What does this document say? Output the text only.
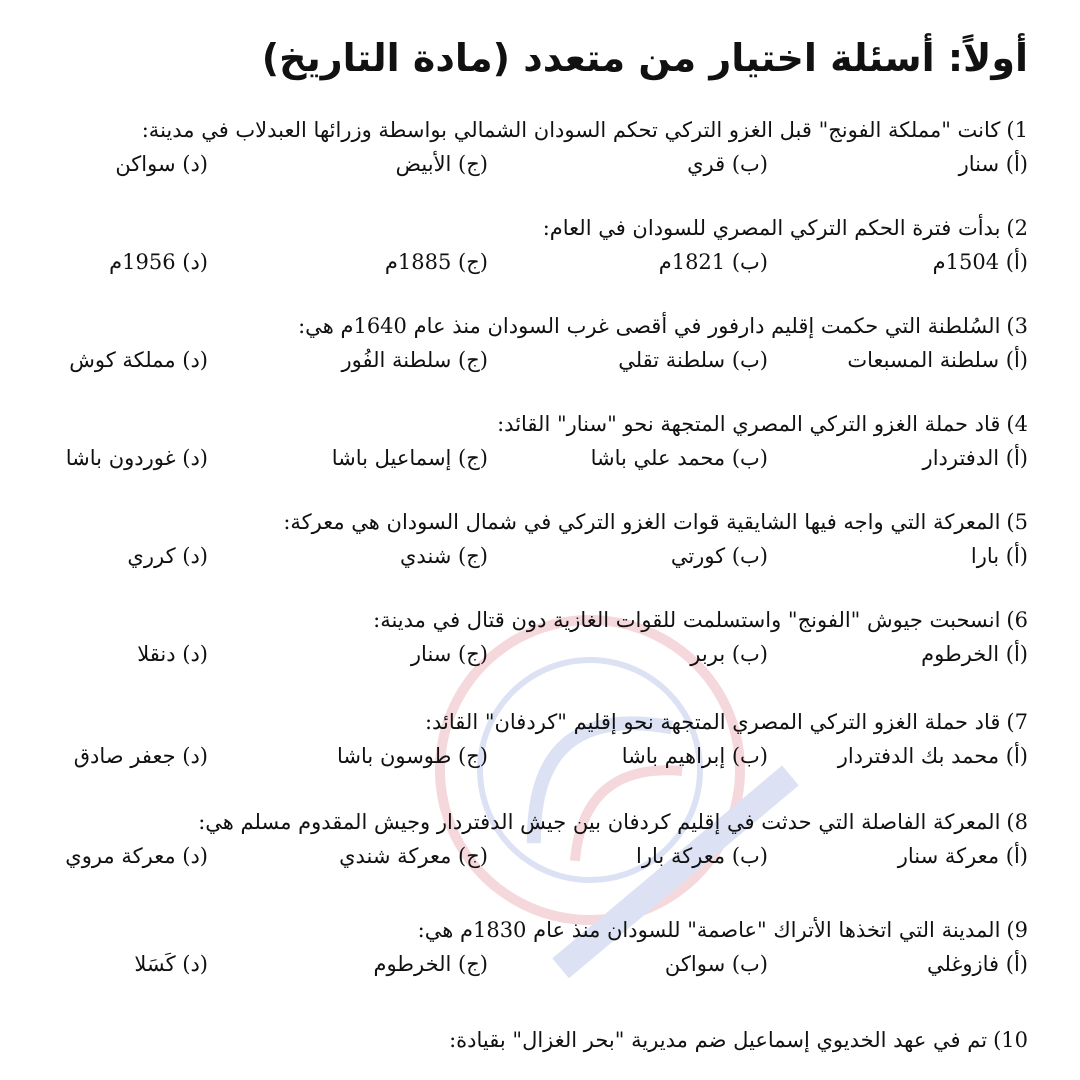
أولاً: أسئلة اختيار من متعدد (مادة التاريخ)
1)كانت "مملكة الفونج" قبل الغزو التركي تحكم السودان الشمالي بواسطة وزرائها العبدلاب في مدينة:
(أ) سنار
(ب) قري
(ج) الأبيض
(د) سواكن
2)بدأت فترة الحكم التركي المصري للسودان في العام:
(أ) 1504م
(ب) 1821م
(ج) 1885م
(د) 1956م
3)السُلطنة التي حكمت إقليم دارفور في أقصى غرب السودان منذ عام 1640م هي:
(أ) سلطنة المسبعات
(ب) سلطنة تقلي
(ج) سلطنة الفُور
(د) مملكة كوش
4)قاد حملة الغزو التركي المصري المتجهة نحو "سنار" القائد:
(أ) الدفتردار
(ب) محمد علي باشا
(ج) إسماعيل باشا
(د) غوردون باشا
5)المعركة التي واجه فيها الشايقية قوات الغزو التركي في شمال السودان هي معركة:
(أ) بارا
(ب) كورتي
(ج) شندي
(د) كرري
6)انسحبت جيوش "الفونج" واستسلمت للقوات الغازية دون قتال في مدينة:
(أ) الخرطوم
(ب) بربر
(ج) سنار
(د) دنقلا
7)قاد حملة الغزو التركي المصري المتجهة نحو إقليم "كردفان" القائد:
(أ) محمد بك الدفتردار
(ب) إبراهيم باشا
(ج) طوسون باشا
(د) جعفر صادق
8)المعركة الفاصلة التي حدثت في إقليم كردفان بين جيش الدفتردار وجيش المقدوم مسلم هي:
(أ) معركة سنار
(ب) معركة بارا
(ج) معركة شندي
(د) معركة مروي
9)المدينة التي اتخذها الأتراك "عاصمة" للسودان منذ عام 1830م هي:
(أ) فازوغلي
(ب) سواكن
(ج) الخرطوم
(د) كَسَلا
10)تم في عهد الخديوي إسماعيل ضم مديرية "بحر الغزال" بقيادة:
